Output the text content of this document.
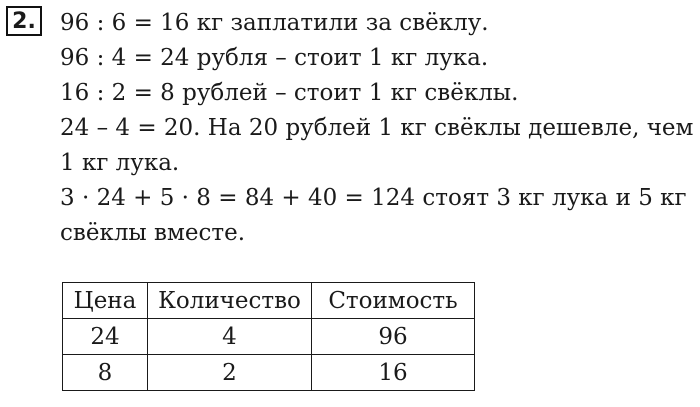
2. 96 : 6 = 16 кг заплатили за свёклу.
96 : 4 = 24 рубля – стоит 1 кг лука.
16 : 2 = 8 рублей – стоит 1 кг свёклы.
24 – 4 = 20. На 20 рублей 1 кг свёклы дешевле, чем
1 кг лука.
3 · 24 + 5 · 8 = 84 + 40 = 124 стоят 3 кг лука и 5 кг
свёклы вместе.
Цена	Количество	Стоимость
24	4	96
8	2	16
